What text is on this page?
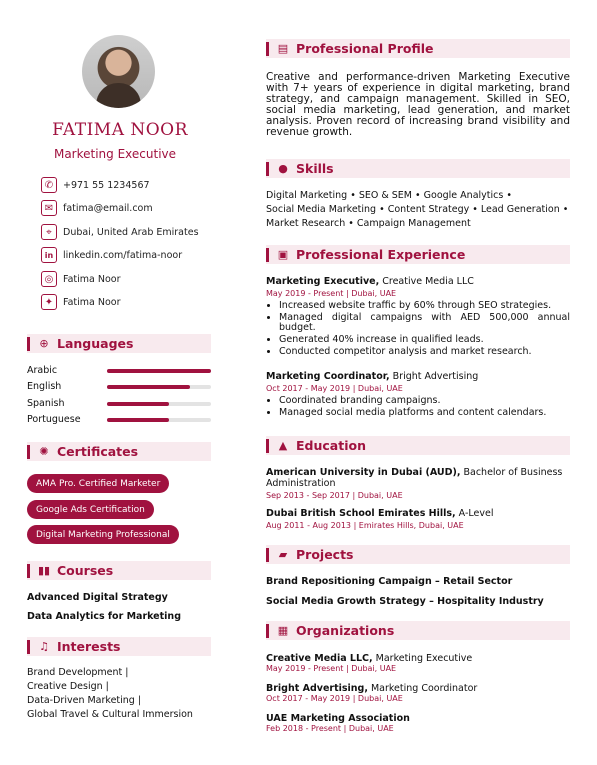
FATIMA NOOR
Marketing Executive
✆	+971 55 1234567
✉	fatima@email.com
⌖	Dubai, United Arab Emirates
in	linkedin.com/fatima-noor
◎	Fatima Noor
✦	Fatima Noor
⊕ Languages
Arabic
English
Spanish
Portuguese
✺ Certificates
AMA Pro. Certified Marketer
Google Ads Certification
Digital Marketing Professional
▮▮ Courses
Advanced Digital Strategy
Data Analytics for Marketing
♫ Interests
Brand Development |
Creative Design |
Data-Driven Marketing |
Global Travel & Cultural Immersion
▤ Professional Profile
Creative and performance-driven Marketing Executive with 7+ years of experience in digital marketing, brand strategy, and campaign management. Skilled in SEO, social media marketing, lead generation, and market analysis. Proven record of increasing brand visibility and revenue growth.
● Skills
Digital Marketing • SEO & SEM • Google Analytics •
Social Media Marketing • Content Strategy • Lead Generation •
Market Research • Campaign Management
▣ Professional Experience
Marketing Executive, Creative Media LLC
May 2019 - Present | Dubai, UAE
• Increased website traffic by 60% through SEO strategies.
• Managed digital campaigns with AED 500,000 annual budget.
• Generated 40% increase in qualified leads.
• Conducted competitor analysis and market research.
Marketing Coordinator, Bright Advertising
Oct 2017 - May 2019 | Dubai, UAE
• Coordinated branding campaigns.
• Managed social media platforms and content calendars.
▲ Education
American University in Dubai (AUD), Bachelor of Business Administration
Sep 2013 - Sep 2017 | Dubai, UAE
Dubai British School Emirates Hills, A-Level
Aug 2011 - Aug 2013 | Emirates Hills, Dubai, UAE
▰ Projects
Brand Repositioning Campaign – Retail Sector
Social Media Growth Strategy – Hospitality Industry
▦ Organizations
Creative Media LLC, Marketing Executive
May 2019 - Present | Dubai, UAE
Bright Advertising, Marketing Coordinator
Oct 2017 - May 2019 | Dubai, UAE
UAE Marketing Association
Feb 2018 - Present | Dubai, UAE
